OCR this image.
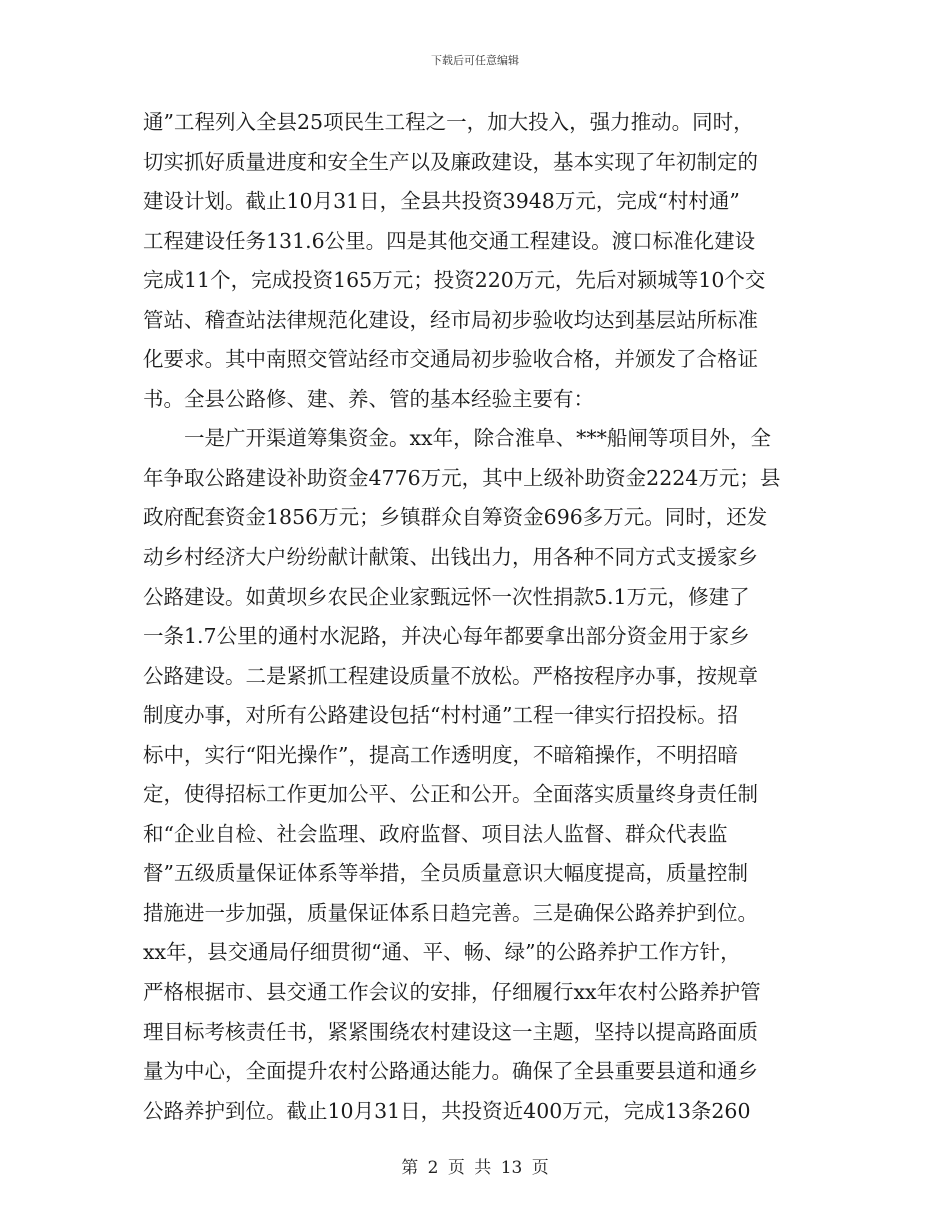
下载后可任意编辑
通”工程列入全县25项民生工程之一，加大投入，强力推动。同时，
切实抓好质量进度和安全生产以及廉政建设，基本实现了年初制定的
建设计划。截止10月31日，全县共投资3948万元，完成“村村通”
工程建设任务131.6公里。四是其他交通工程建设。渡口标准化建设
完成11个，完成投资165万元；投资220万元，先后对颍城等10个交
管站、稽查站法律规范化建设，经市局初步验收均达到基层站所标准
化要求。其中南照交管站经市交通局初步验收合格，并颁发了合格证
书。全县公路修、建、养、管的基本经验主要有：
　　一是广开渠道筹集资金。xx年，除合淮阜、***船闸等项目外，全
年争取公路建设补助资金4776万元，其中上级补助资金2224万元；县
政府配套资金1856万元；乡镇群众自筹资金696多万元。同时，还发
动乡村经济大户纷纷献计献策、出钱出力，用各种不同方式支援家乡
公路建设。如黄坝乡农民企业家甄远怀一次性捐款5.1万元，修建了
一条1.7公里的通村水泥路，并决心每年都要拿出部分资金用于家乡
公路建设。二是紧抓工程建设质量不放松。严格按程序办事，按规章
制度办事，对所有公路建设包括“村村通”工程一律实行招投标。招
标中，实行“阳光操作”，提高工作透明度，不暗箱操作，不明招暗
定，使得招标工作更加公平、公正和公开。全面落实质量终身责任制
和“企业自检、社会监理、政府监督、项目法人监督、群众代表监
督”五级质量保证体系等举措，全员质量意识大幅度提高，质量控制
措施进一步加强，质量保证体系日趋完善。三是确保公路养护到位。
xx年，县交通局仔细贯彻“通、平、畅、绿”的公路养护工作方针，
严格根据市、县交通工作会议的安排，仔细履行xx年农村公路养护管
理目标考核责任书，紧紧围绕农村建设这一主题，坚持以提高路面质
量为中心，全面提升农村公路通达能力。确保了全县重要县道和通乡
公路养护到位。截止10月31日，共投资近400万元，完成13条260
第 2 页 共 13 页
